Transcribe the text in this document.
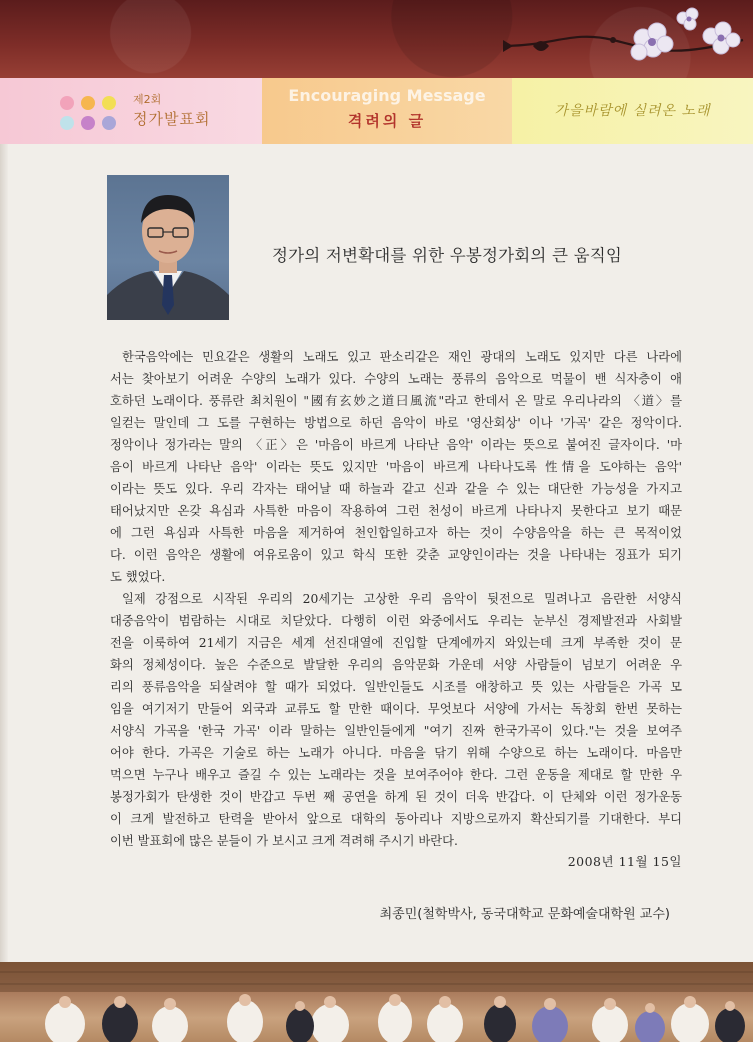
제2회
정가발표회
Encouraging Message
격려의 글
가을바람에 실려온 노래
정가의 저변확대를 위한 우봉정가회의 큰 움직임
한국음악에는 민요같은 생활의 노래도 있고 판소리같은 재인 광대의 노래도 있지만 다른 나라에
서는 찾아보기 어려운 수양의 노래가 있다. 수양의 노래는 풍류의 음악으로 먹물이 밴 식자층이 애
호하던 노래이다. 풍류란 최치원이 "國有玄妙之道曰風流"라고 한데서 온 말로 우리나라의 〈道〉를
일컫는 말인데 그 도를 구현하는 방법으로 하던 음악이 바로 '영산회상' 이나 '가곡' 같은 정악이다.
정악이나 정가라는 말의 〈正〉은 '마음이 바르게 나타난 음악' 이라는 뜻으로 붙여진 글자이다. '마
음이 바르게 나타난 음악' 이라는 뜻도 있지만 '마음이 바르게 나타나도록 性情을 도야하는 음악'
이라는 뜻도 있다. 우리 각자는 태어날 때 하늘과 같고 신과 같을 수 있는 대단한 가능성을 가지고
태어났지만 온갖 욕심과 사특한 마음이 작용하여 그런 천성이 바르게 나타나지 못한다고 보기 때문
에 그런 욕심과 사특한 마음을 제거하여 천인합일하고자 하는 것이 수양음악을 하는 큰 목적이었
다. 이런 음악은 생활에 여유로움이 있고 학식 또한 갖춘 교양인이라는 것을 나타내는 징표가 되기
도 했었다.
일제 강점으로 시작된 우리의 20세기는 고상한 우리 음악이 뒷전으로 밀려나고 음란한 서양식
대중음악이 범람하는 시대로 치닫았다. 다행히 이런 와중에서도 우리는 눈부신 경제발전과 사회발
전을 이룩하여 21세기 지금은 세계 선진대열에 진입할 단계에까지 와있는데 크게 부족한 것이 문
화의 정체성이다. 높은 수준으로 발달한 우리의 음악문화 가운데 서양 사람들이 넘보기 어려운 우
리의 풍류음악을 되살려야 할 때가 되었다. 일반인들도 시조를 애창하고 뜻 있는 사람들은 가곡 모
임을 여기저기 만들어 외국과 교류도 할 만한 때이다. 무엇보다 서양에 가서는 독창회 한번 못하는
서양식 가곡을 '한국 가곡' 이라 말하는 일반인들에게 "여기 진짜 한국가곡이 있다."는 것을 보여주
어야 한다. 가곡은 기술로 하는 노래가 아니다. 마음을 닦기 위해 수양으로 하는 노래이다. 마음만
먹으면 누구나 배우고 즐길 수 있는 노래라는 것을 보여주어야 한다. 그런 운동을 제대로 할 만한 우
봉정가회가 탄생한 것이 반갑고 두번 째 공연을 하게 된 것이 더욱 반갑다. 이 단체와 이런 정가운동
이 크게 발전하고 탄력을 받아서 앞으로 대학의 동아리나 지방으로까지 확산되기를 기대한다. 부디
이번 발표회에 많은 분들이 가 보시고 크게 격려해 주시기 바란다.
2008년 11월 15일
최종민(철학박사, 동국대학교 문화예술대학원 교수)
